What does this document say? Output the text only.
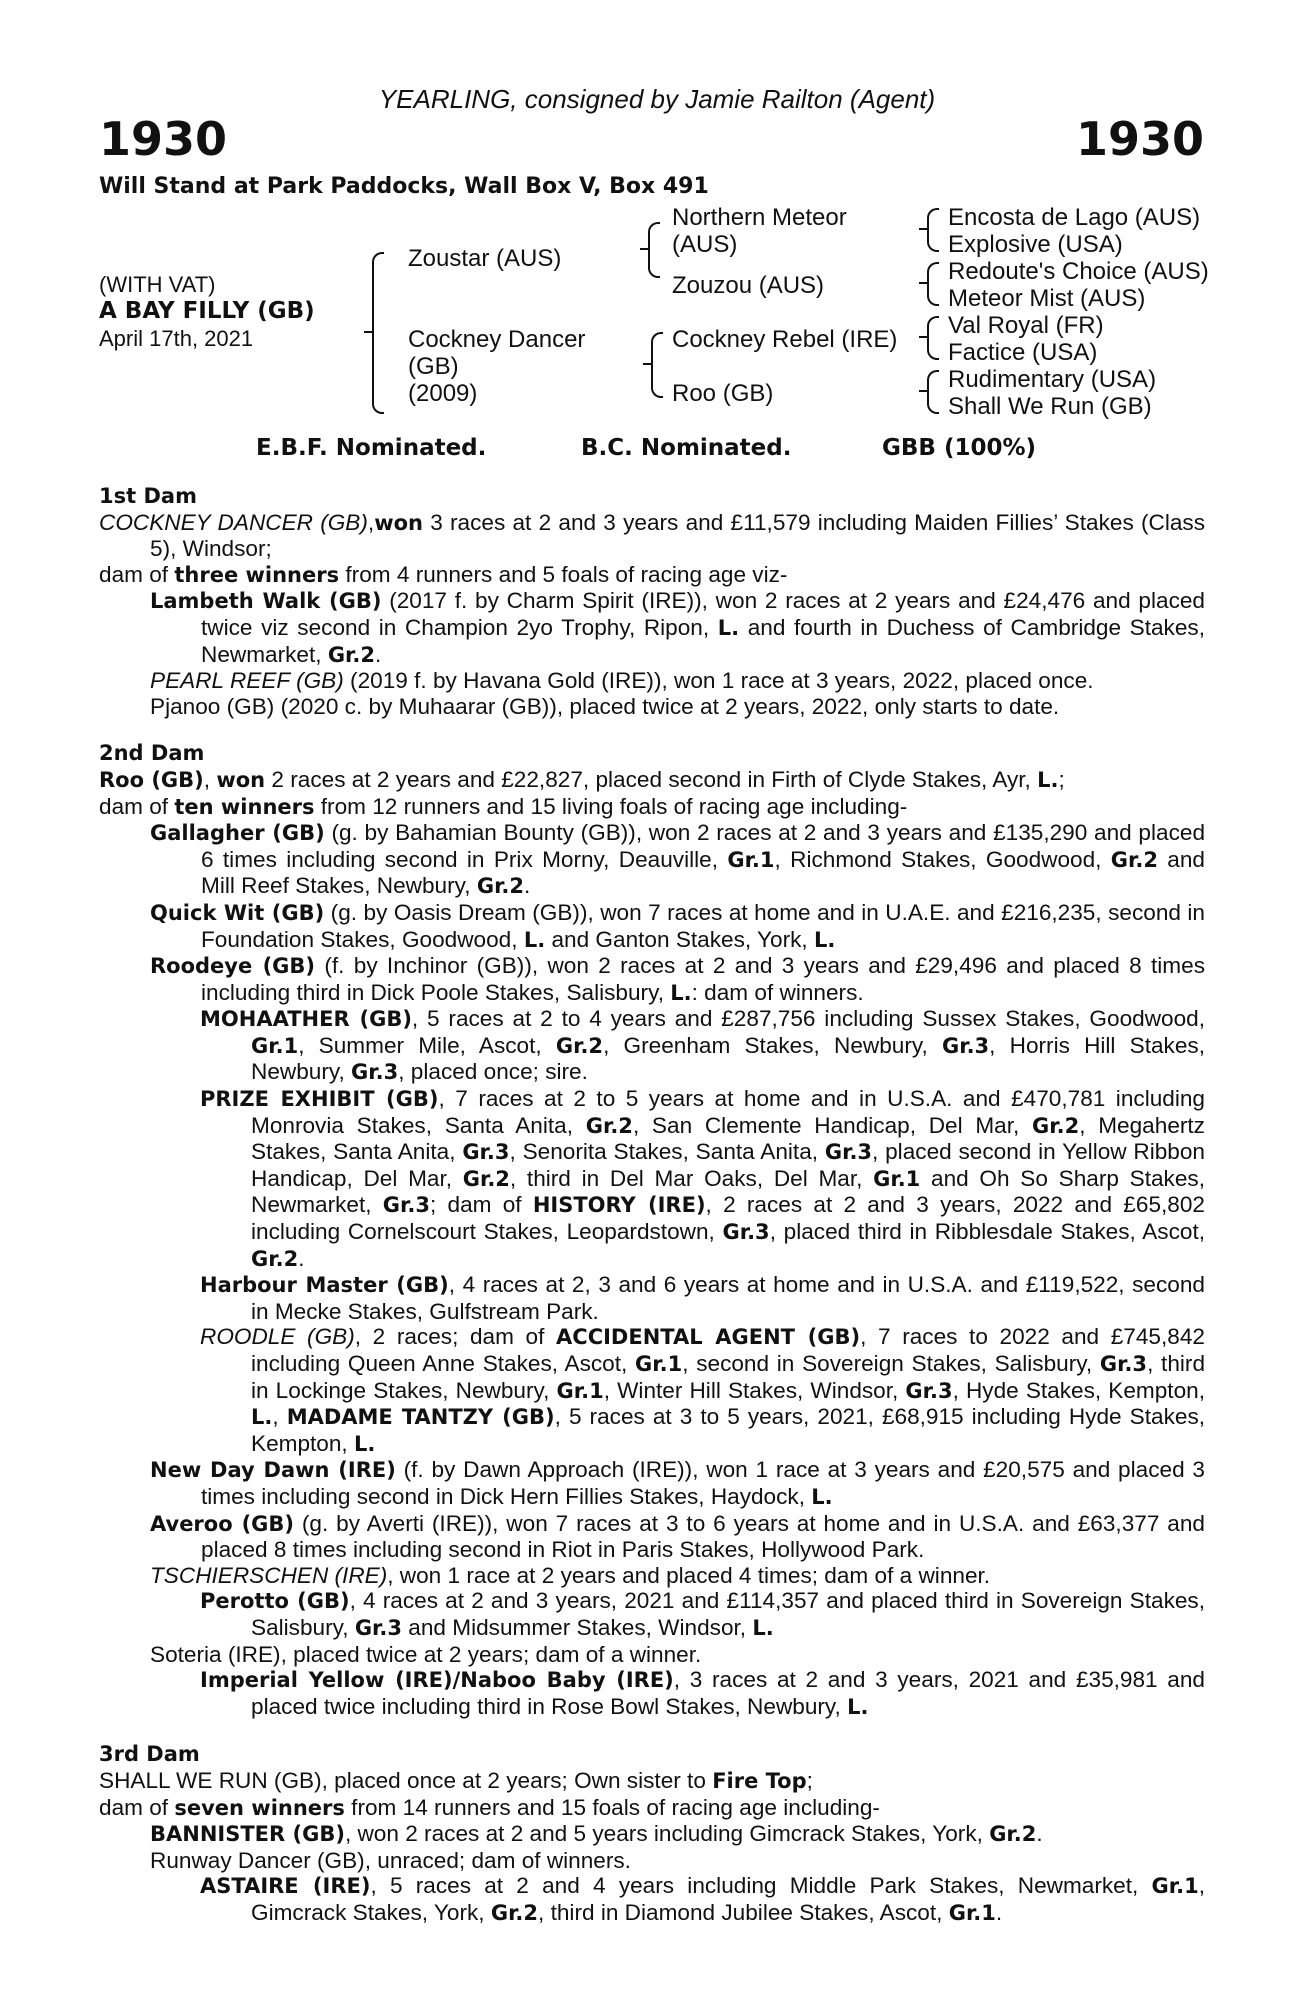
YEARLING, consigned by Jamie Railton (Agent)
1930	1930
Will Stand at Park Paddocks, Wall Box V, Box 491
(WITH VAT)
A BAY FILLY (GB)
April 17th, 2021
Zoustar (AUS)
Cockney Dancer
(GB)
(2009)
Northern Meteor
(AUS)
Zouzou (AUS)
Cockney Rebel (IRE)
Roo (GB)
Encosta de Lago (AUS)
Explosive (USA)
Redoute's Choice (AUS)
Meteor Mist (AUS)
Val Royal (FR)
Factice (USA)
Rudimentary (USA)
Shall We Run (GB)
E.B.F. Nominated.	B.C. Nominated.	GBB (100%)
1st Dam

COCKNEY DANCER (GB),won 3 races at 2 and 3 years and £11,579 including Maiden Fillies’ Stakes (Class 5), Windsor;

dam of three winners from 4 runners and 5 foals of racing age viz-

Lambeth Walk (GB) (2017 f. by Charm Spirit (IRE)), won 2 races at 2 years and £24,476 and placed twice viz second in Champion 2yo Trophy, Ripon, L. and fourth in Duchess of Cambridge Stakes, Newmarket, Gr.2.

PEARL REEF (GB) (2019 f. by Havana Gold (IRE)), won 1 race at 3 years, 2022, placed once.

Pjanoo (GB) (2020 c. by Muhaarar (GB)), placed twice at 2 years, 2022, only starts to date.

2nd Dam

Roo (GB), won 2 races at 2 years and £22,827, placed second in Firth of Clyde Stakes, Ayr, L.;

dam of ten winners from 12 runners and 15 living foals of racing age including-

Gallagher (GB) (g. by Bahamian Bounty (GB)), won 2 races at 2 and 3 years and £135,290 and placed 6 times including second in Prix Morny, Deauville, Gr.1, Richmond Stakes, Goodwood, Gr.2 and Mill Reef Stakes, Newbury, Gr.2.

Quick Wit (GB) (g. by Oasis Dream (GB)), won 7 races at home and in U.A.E. and £216,235, second in Foundation Stakes, Goodwood, L. and Ganton Stakes, York, L.

Roodeye (GB) (f. by Inchinor (GB)), won 2 races at 2 and 3 years and £29,496 and placed 8 times including third in Dick Poole Stakes, Salisbury, L.: dam of winners.

MOHAATHER (GB), 5 races at 2 to 4 years and £287,756 including Sussex Stakes, Goodwood, Gr.1, Summer Mile, Ascot, Gr.2, Greenham Stakes, Newbury, Gr.3, Horris Hill Stakes, Newbury, Gr.3, placed once; sire.

PRIZE EXHIBIT (GB), 7 races at 2 to 5 years at home and in U.S.A. and £470,781 including Monrovia Stakes, Santa Anita, Gr.2, San Clemente Handicap, Del Mar, Gr.2, Megahertz Stakes, Santa Anita, Gr.3, Senorita Stakes, Santa Anita, Gr.3, placed second in Yellow Ribbon Handicap, Del Mar, Gr.2, third in Del Mar Oaks, Del Mar, Gr.1 and Oh So Sharp Stakes, Newmarket, Gr.3; dam of HISTORY (IRE), 2 races at 2 and 3 years, 2022 and £65,802 including Cornelscourt Stakes, Leopardstown, Gr.3, placed third in Ribblesdale Stakes, Ascot, Gr.2.

Harbour Master (GB), 4 races at 2, 3 and 6 years at home and in U.S.A. and £119,522, second in Mecke Stakes, Gulfstream Park.

ROODLE (GB), 2 races; dam of ACCIDENTAL AGENT (GB), 7 races to 2022 and £745,842 including Queen Anne Stakes, Ascot, Gr.1, second in Sovereign Stakes, Salisbury, Gr.3, third in Lockinge Stakes, Newbury, Gr.1, Winter Hill Stakes, Windsor, Gr.3, Hyde Stakes, Kempton, L., MADAME TANTZY (GB), 5 races at 3 to 5 years, 2021, £68,915 including Hyde Stakes, Kempton, L.

New Day Dawn (IRE) (f. by Dawn Approach (IRE)), won 1 race at 3 years and £20,575 and placed 3 times including second in Dick Hern Fillies Stakes, Haydock, L.

Averoo (GB) (g. by Averti (IRE)), won 7 races at 3 to 6 years at home and in U.S.A. and £63,377 and placed 8 times including second in Riot in Paris Stakes, Hollywood Park.

TSCHIERSCHEN (IRE), won 1 race at 2 years and placed 4 times; dam of a winner.

Perotto (GB), 4 races at 2 and 3 years, 2021 and £114,357 and placed third in Sovereign Stakes, Salisbury, Gr.3 and Midsummer Stakes, Windsor, L.

Soteria (IRE), placed twice at 2 years; dam of a winner.

Imperial Yellow (IRE)/Naboo Baby (IRE), 3 races at 2 and 3 years, 2021 and £35,981 and placed twice including third in Rose Bowl Stakes, Newbury, L.

3rd Dam

SHALL WE RUN (GB), placed once at 2 years; Own sister to Fire Top;

dam of seven winners from 14 runners and 15 foals of racing age including-

BANNISTER (GB), won 2 races at 2 and 5 years including Gimcrack Stakes, York, Gr.2.

Runway Dancer (GB), unraced; dam of winners.

ASTAIRE (IRE), 5 races at 2 and 4 years including Middle Park Stakes, Newmarket, Gr.1, Gimcrack Stakes, York, Gr.2, third in Diamond Jubilee Stakes, Ascot, Gr.1.
